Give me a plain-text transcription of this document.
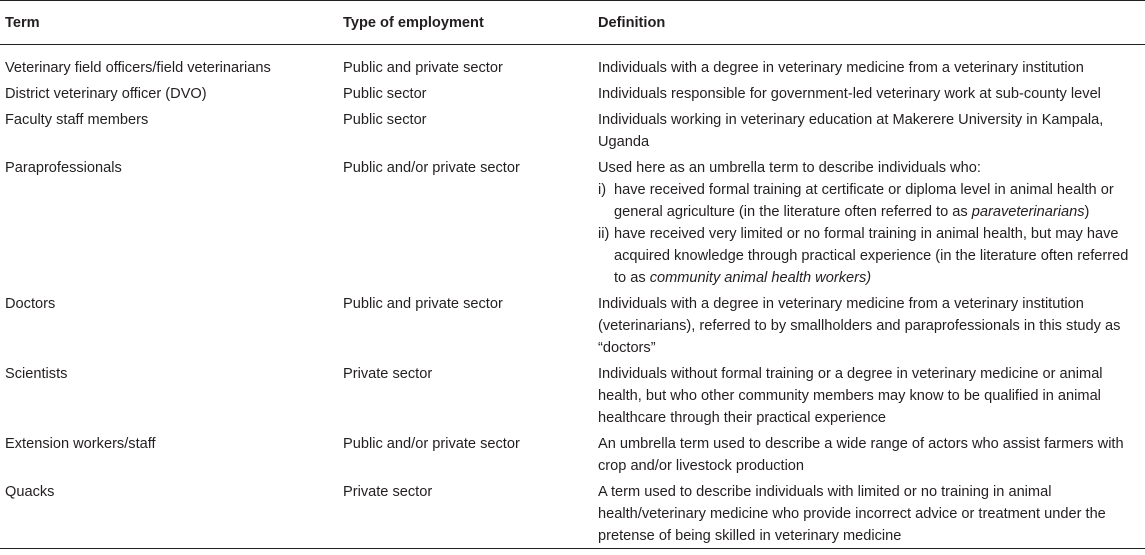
Term	Type of employment	Definition
Veterinary field officers/field veterinarians	Public and private sector	Individuals with a degree in veterinary medicine from a veterinary institution
District veterinary officer (DVO)	Public sector	Individuals responsible for government-led veterinary work at sub-county level
Faculty staff members	Public sector	Individuals working in veterinary education at Makerere University in Kampala, Uganda
Paraprofessionals	Public and/or private sector	Used here as an umbrella term to describe individuals who:
i) have received formal training at certificate or diploma level in animal health or general agriculture (in the literature often referred to as paraveterinarians)
ii) have received very limited or no formal training in animal health, but may have acquired knowledge through practical experience (in the literature often referred to as community animal health workers)

Doctors	Public and private sector	Individuals with a degree in veterinary medicine from a veterinary institution (veterinarians), referred to by smallholders and paraprofessionals in this study as “doctors”
Scientists	Private sector	Individuals without formal training or a degree in veterinary medicine or animal health, but who other community members may know to be qualified in animal healthcare through their practical experience
Extension workers/staff	Public and/or private sector	An umbrella term used to describe a wide range of actors who assist farmers with crop and/or livestock production
Quacks	Private sector	A term used to describe individuals with limited or no training in animal health/veterinary medicine who provide incorrect advice or treatment under the pretense of being skilled in veterinary medicine
